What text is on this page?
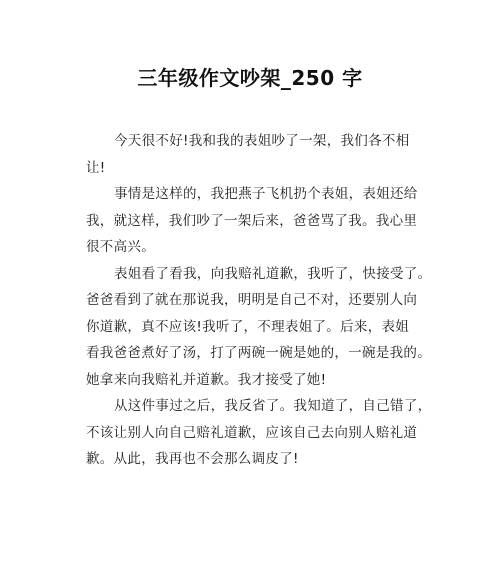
三年级作文吵架_250 字
今天很不好!我和我的表姐吵了一架，我们各不相
让!
事情是这样的，我把燕子飞机扔个表姐，表姐还给
我，就这样，我们吵了一架后来，爸爸骂了我。我心里
很不高兴。
表姐看了看我，向我赔礼道歉，我听了，快接受了。
爸爸看到了就在那说我，明明是自己不对，还要别人向
你道歉，真不应该!我听了，不理表姐了。后来，表姐
看我爸爸煮好了汤，打了两碗一碗是她的，一碗是我的。
她拿来向我赔礼并道歉。我才接受了她!
从这件事过之后，我反省了。我知道了，自己错了，
不该让别人向自己赔礼道歉，应该自己去向别人赔礼道
歉。从此，我再也不会那么调皮了!
